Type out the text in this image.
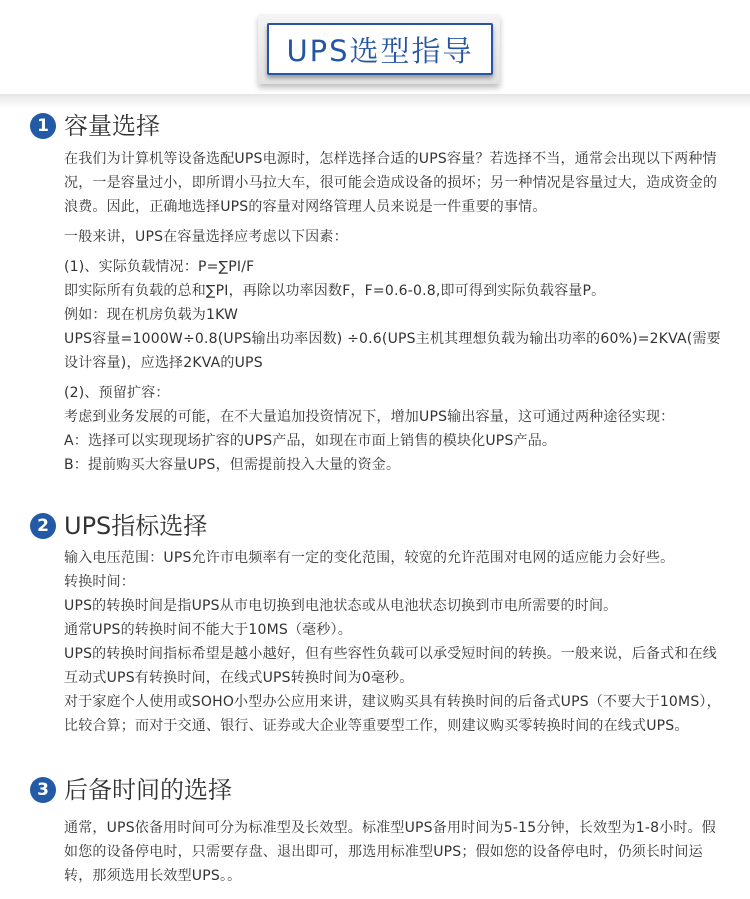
UPS选型指导
1 容量选择

在我们为计算机等设备选配UPS电源时，怎样选择合适的UPS容量？若选择不当，通常会出现以下两种情况，一是容量过小，即所谓小马拉大车，很可能会造成设备的损坏；另一种情况是容量过大，造成资金的浪费。因此，正确地选择UPS的容量对网络管理人员来说是一件重要的事情。

一般来讲，UPS在容量选择应考虑以下因素：

(1)、实际负载情况：P=∑PI/F

即实际所有负载的总和∑PI，再除以功率因数F，F=0.6-0.8,即可得到实际负载容量P。

例如：现在机房负载为1KW

UPS容量=1000W÷0.8(UPS输出功率因数) ÷0.6(UPS主机其理想负载为输出功率的60%)=2KVA(需要设计容量)，应选择2KVA的UPS

(2)、预留扩容：

考虑到业务发展的可能，在不大量追加投资情况下，增加UPS输出容量，这可通过两种途径实现：

A：选择可以实现现场扩容的UPS产品，如现在市面上销售的模块化UPS产品。

B：提前购买大容量UPS，但需提前投入大量的资金。

2 UPS指标选择

输入电压范围：UPS允许市电频率有一定的变化范围，较宽的允许范围对电网的适应能力会好些。

转换时间：

UPS的转换时间是指UPS从市电切换到电池状态或从电池状态切换到市电所需要的时间。

通常UPS的转换时间不能大于10MS（毫秒）。

UPS的转换时间指标希望是越小越好，但有些容性负载可以承受短时间的转换。一般来说，后备式和在线互动式UPS有转换时间，在线式UPS转换时间为0毫秒。

对于家庭个人使用或SOHO小型办公应用来讲，建议购买具有转换时间的后备式UPS（不要大于10MS），比较合算；而对于交通、银行、证券或大企业等重要型工作，则建议购买零转换时间的在线式UPS。

3 后备时间的选择

通常，UPS依备用时间可分为标准型及长效型。标准型UPS备用时间为5-15分钟，长效型为1-8小时。假如您的设备停电时，只需要存盘、退出即可，那选用标准型UPS；假如您的设备停电时，仍须长时间运转，那须选用长效型UPS。。
